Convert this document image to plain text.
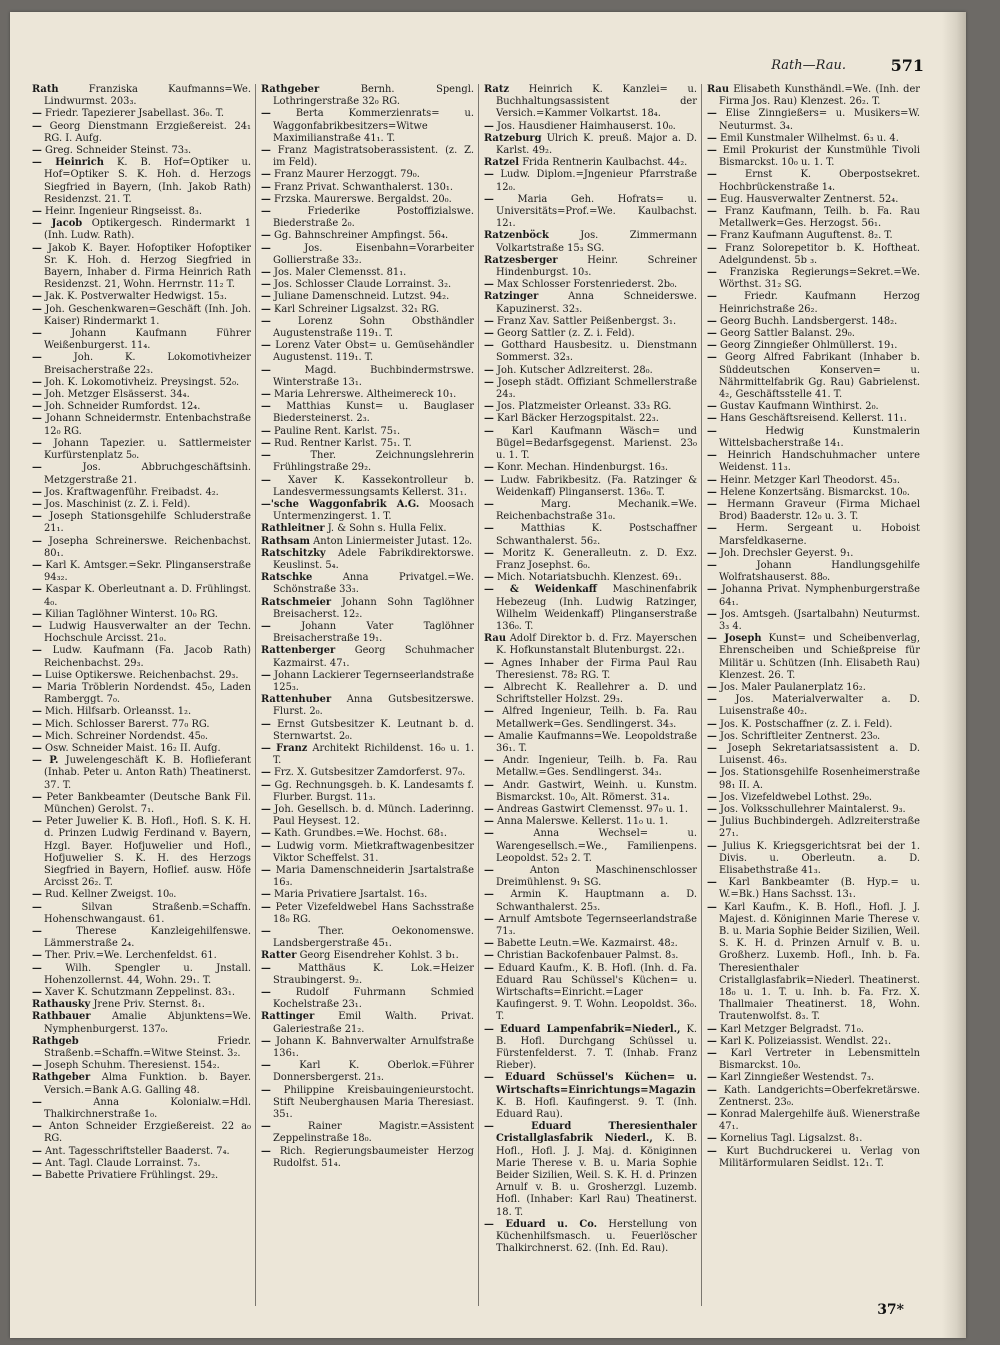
Rath—Rau.	571
Rath	Franziska Kaufmanns=We. Lindwurmst. 203₃.
— Friedr. Tapezierer Jsabellast. 36₀. T.
— Georg Dienstmann Erzgießereist. 24₁ RG. I. Aufg.
— Greg. Schneider Steinst. 73₃.
— Heinrich K. B. Hof=Optiker u. Hof=Optiker S. K. Hoh. d. Herzogs Siegfried in Bayern, (Inh. Jakob Rath) Residenzst. 21. T.
— Heinr. Ingenieur Ringseisst. 8₃.
— Jacob Optikergesch. Rindermarkt 1 (Inh. Ludw. Rath).
— Jakob K. Bayer. Hofoptiker Hofoptiker Sr. K. Hoh. d. Herzog Siegfried in Bayern, Inhaber d. Firma Heinrich Rath Residenzst. 21, Wohn. Herrnstr. 11₂ T.
— Jak. K. Postverwalter Hedwigst. 15₃.
— Joh. Geschenkwaren=Geschäft (Inh. Joh. Kaiser) Rindermarkt 1.
—	Johann Kaufmann Führer Weißenburgerst. 11₄.
—	Joh. K. Lokomotivheizer Breisacherstraße 22₃.
— Joh. K. Lokomotivheiz. Preysingst. 52₀.
— Joh. Metzger Elsässerst. 34₄.
— Joh. Schneider Rumfordst. 12₄.
— Johann Schneidermstr. Entenbachstraße 12₀ RG.
— Johann Tapezier. u. Sattlermeister Kurfürstenplatz 5₀.
—	Jos. Abbruchgeschäftsinh. Metzgerstraße 21.
— Jos. Kraftwagenführ. Freibadst. 4₂.
— Jos. Maschinist (z. Z. i. Feld).
— Joseph Stationsgehilfe Schluderstraße 21₁.
— Josepha Schreinerswe. Reichenbachst. 80₁.
— Karl K. Amtsger.=Sekr. Plinganserstraße 94₃₂.
— Kaspar K. Oberleutnant a. D. Frühlingst. 4₀.
— Kilian Taglöhner Winterst. 10₀ RG.
— Ludwig Hausverwalter an der Techn. Hochschule Arcisst. 21₀.
— Ludw. Kaufmann (Fa. Jacob Rath) Reichenbachst. 29₃.
— Luise Optikerswe. Reichenbachst. 29₃.
— Maria Tröblerin Nordendst. 45₀, Laden Ramberggt. 7₀.
— Mich. Hilfsarb. Orleansst. 1₂.
— Mich. Schlosser Barerst. 77₀ RG.
— Mich. Schreiner Nordendst. 45₀.
— Osw. Schneider Maist. 16₂ II. Aufg.
— P. Juwelengeschäft K. B. Hoflieferant (Inhab. Peter u. Anton Rath) Theatinerst. 37. T.
— Peter Bankbeamter (Deutsche Bank Fil. München) Gerolst. 7₁.
— Peter Juwelier K. B. Hofl., Hofl. S. K. H. d. Prinzen Ludwig Ferdinand v. Bayern, Hzgl. Bayer. Hofjuwelier und Hofl., Hofjuwelier S. K. H. des Herzogs Siegfried in Bayern, Hoflief. ausw. Höfe Arcisst 26₂. T.
— Rud. Kellner Zweigst. 10₀.
—	Silvan Straßenb.=Schaffn. Hohenschwangaust. 61.
—	Therese Kanzleigehilfenswe. Lämmerstraße 2₄.
— Ther. Priv.=We. Lerchenfeldst. 61.
— Wilh. Spengler u. Jnstall. Hohenzollernst. 44, Wohn. 29₁. T.
— Xaver K. Schutzmann Zeppelinst. 83₁.
Rathausky Jrene Priv. Sternst. 8₁.
Rathbauer Amalie Abjunktens=We. Nymphenburgerst. 137₀.
Rathgeb	Friedr. Straßenb.=Schaffn.=Witwe Steinst. 3₂.
— Joseph Schuhm. Theresienst. 154₂.
Rathgeber Alma Funktion. b. Bayer. Versich.=Bank A.G. Galling 48.
—	Anna Kolonialw.=Hdl. Thalkirchnerstraße 1₀.
— Anton Schneider Erzgießereist. 22 a₀ RG.
— Ant. Tagesschriftsteller Baaderst. 7₄.
— Ant. Tagl. Claude Lorrainst. 7₃.
— Babette Privatiere Frühlingst. 29₂.
Rathgeber	Bernh. Spengl. Lothringerstraße 32₀ RG.
—	Berta Kommerzienrats= u. Waggonfabrikbesitzers=Witwe Maximilianstraße 41₁. T.
— Franz Magistratsoberassistent. (z. Z. im Feld).
— Franz Maurer Herzoggt. 79₀.
— Franz Privat. Schwanthalerst. 130₁.
— Frzska. Maurerswe. Bergaldst. 20₀.
—	Friederike Postoffizialswe. Biederstraße 2₀.
— Gg. Bahnschreiner Ampfingst. 56₄.
—	Jos. Eisenbahn=Vorarbeiter Gollierstraße 33₂.
— Jos. Maler Clemensst. 81₁.
— Jos. Schlosser Claude Lorrainst. 3₂.
— Juliane Damenschneid. Lutzst. 94₂.
— Karl Schreiner Ligsalzst. 32₁ RG.
—	Lorenz Sohn Obsthändler Augustenstraße 119₁. T.
— Lorenz Vater Obst= u. Gemüsehändler Augustenst. 119₁. T.
—	Magd. Buchbindermstrswe. Winterstraße 13₁.
— Maria Lehrerswe. Altheimereck 10₁.
— Matthias Kunst= u. Bauglaser Biedersteinerst. 2₃.
— Pauline Rent. Karlst. 75₁.
— Rud. Rentner Karlst. 75₁. T.
—	Ther. Zeichnungslehrerin Frühlingstraße 29₂.
— Xaver K. Kassekontrolleur b. Landesvermessungsamts Kellerst. 31₁.
—'sche Waggonfabrik A.G. Moosach Untermenzingerst. 1. T.
Rathleitner J. & Sohn s. Hulla Felix.
Rathsam Anton Liniermeister Jutast. 12₀.
Ratschitzky Adele Fabrikdirektorswe. Keuslinst. 5₄.
Ratschke	Anna Privatgel.=We. Schönstraße 33₃.
Ratschmeier Johann Sohn Taglöhner Breisacherst. 12₂.
—	Johann Vater Taglöhner Breisacherstraße 19₁.
Rattenberger Georg Schuhmacher Kazmairst. 47₁.
— Johann Lackierer Tegernseerlandstraße 125₃.
Rattenhuber Anna Gutsbesitzerswe. Flurst. 2₀.
— Ernst Gutsbesitzer K. Leutnant b. d. Sternwartst. 2₀.
— Franz Architekt Richildenst. 16₀ u. 1. T.
— Frz. X. Gutsbesitzer Zamdorferst. 97₀.
— Gg. Rechnungsgeh. b. K. Landesamts f. Flurber. Burgst. 11₃.
— Joh. Gesellsch. b. d. Münch. Laderinng. Paul Heysest. 12.
— Kath. Grundbes.=We. Hochst. 68₁.
— Ludwig vorm. Mietkraftwagenbesitzer Viktor Scheffelst. 31.
— Maria Damenschneiderin Jsartalstraße 16₃.
— Maria Privatiere Jsartalst. 16₃.
— Peter Vizefeldwebel Hans Sachsstraße 18₀ RG.
—	Ther. Oekonomenswe. Landsbergerstraße 45₁.
Ratter Georg Eisendreher Kohlst. 3 b₁.
—	Matthäus K. Lok.=Heizer Straubingerst. 9₂.
—	Rudolf Fuhrmann Schmied Kochelstraße 23₁.
Rattinger Emil Walth. Privat. Galeriestraße 21₂.
— Johann K. Bahnverwalter Arnulfstraße 136₁.
—	Karl K. Oberlok.=Führer Donnersbergerst. 21₃.
— Philippine Kreisbauingenieurstocht. Stift Neuberghausen Maria Theresiast. 35₁.
—	Rainer Magistr.=Assistent Zeppelinstraße 18₀.
— Rich. Regierungsbaumeister Herzog Rudolfst. 51₄.
Ratz Heinrich K. Kanzlei= u. Buchhaltungsassistent der Versich.=Kammer Volkartst. 18₄.
— Jos. Hausdiener Haimhauserst. 10₀.
Ratzeburg Ulrich K. preuß. Major a. D. Karlst. 49₂.
Ratzel Frida Rentnerin Kaulbachst. 44₂.
— Ludw. Diplom.=Jngenieur Pfarrstraße 12₀.
— Maria Geh. Hofrats= u. Universitäts=Prof.=We. Kaulbachst. 12₁.
Ratzenböck	Jos. Zimmermann Volkartstraße 15₃ SG.
Ratzesberger	Heinr. Schreiner Hindenburgst. 10₃.
— Max Schlosser Forstenriederst. 2b₀.
Ratzinger	Anna Schneiderswe. Kapuzinerst. 32₃.
— Franz Xav. Sattler Peißenbergst. 3₁.
— Georg Sattler (z. Z. i. Feld).
— Gotthard Hausbesitz. u. Dienstmann Sommerst. 32₃.
— Joh. Kutscher Adlzreiterst. 28₀.
— Joseph städt. Offiziant Schmellerstraße 24₃.
— Jos. Platzmeister Orleanst. 33₃ RG.
— Karl Bäcker Herzogspitalst. 22₃.
— Karl Kaufmann Wäsch= und Bügel=Bedarfsgegenst. Marienst. 23₀ u. 1. T.
— Konr. Mechan. Hindenburgst. 16₃.
— Ludw. Fabrikbesitz. (Fa. Ratzinger & Weidenkaff) Plinganserst. 136₀. T.
—	Marg. Mechanik.=We. Reichenbachstraße 31₀.
—	Matthias K. Postschaffner Schwanthalerst. 56₂.
— Moritz K. Generalleutn. z. D. Exz. Franz Josephst. 6₀.
— Mich. Notariatsbuchh. Klenzest. 69₁.
— & Weidenkaff Maschinenfabrik Hebezeug (Inh. Ludwig Ratzinger, Wilhelm Weidenkaff) Plinganserstraße 136₀. T.
Rau Adolf Direktor b. d. Frz. Mayerschen K. Hofkunstanstalt Blutenburgst. 22₁.
— Agnes Inhaber der Firma Paul Rau Theresienst. 78₂ RG. T.
— Albrecht K. Reallehrer a. D. und Schriftsteller Holzst. 29₃.
— Alfred Ingenieur, Teilh. b. Fa. Rau Metallwerk=Ges. Sendlingerst. 34₃.
— Amalie Kaufmanns=We. Leopoldstraße 36₁. T.
— Andr. Ingenieur, Teilh. b. Fa. Rau Metallw.=Ges. Sendlingerst. 34₃.
— Andr. Gastwirt, Weinh. u. Kunstm. Bismarckst. 10₀, Alt. Römerst. 31₄.
— Andreas Gastwirt Clemensst. 97₀ u. 1.
— Anna Malerswe. Kellerst. 11₀ u. 1.
—	Anna Wechsel= u. Warengesellsch.=We., Familienpens. Leopoldst. 52₃ 2. T.
—	Anton Maschinenschlosser Dreimühlenst. 9₁ SG.
— Armin K. Hauptmann a. D. Schwanthalerst. 25₃.
— Arnulf Amtsbote Tegernseerlandstraße 71₃.
— Babette Leutn.=We. Kazmairst. 48₂.
— Christian Backofenbauer Palmst. 8₃.
— Eduard Kaufm., K. B. Hofl. (Inh. d. Fa. Eduard Rau Schüssel's Küchen= u. Wirtschafts=Einricht.=Lager Kaufingerst. 9. T. Wohn. Leopoldst. 36₀. T.
— Eduard Lampenfabrik=Niederl., K. B. Hofl. Durchgang Schüssel u. Fürstenfelderst. 7. T. (Inhab. Franz Rieber).
— Eduard Schüssel's Küchen= u. Wirtschafts=Einrichtungs=Magazin K. B. Hofl. Kaufingerst. 9. T. (Inh. Eduard Rau).
— Eduard Theresienthaler Cristallglasfabrik Niederl., K. B. Hofl., Hofl. J. J. Maj. d. Königinnen Marie Therese v. B. u. Maria Sophie Beider Sizilien, Weil. S. K. H. d. Prinzen Arnulf v. B. u. Grosherzgl. Luzemb. Hofl. (Inhaber: Karl Rau) Theatinerst. 18. T.
— Eduard u. Co. Herstellung von Küchenhilfsmasch. u. Feuerlöscher Thalkirchnerst. 62. (Inh. Ed. Rau).
Rau Elisabeth Kunsthändl.=We. (Inh. der Firma Jos. Rau) Klenzest. 26₂. T.
— Elise Zinngießers= u. Musikers=W. Neuturmst. 3₄.
— Emil Kunstmaler Wilhelmst. 6₃ u. 4.
— Emil Prokurist der Kunstmühle Tivoli Bismarckst. 10₀ u. 1. T.
—	Ernst K. Oberpostsekret. Hochbrückenstraße 1₄.
— Eug. Hausverwalter Zentnerst. 52₄.
— Franz Kaufmann, Teilh. b. Fa. Rau Metallwerk=Ges. Herzogst. 56₁.
— Franz Kaufmann Auguftenst. 8₂. T.
— Franz Solorepetitor b. K. Hoftheat. Adelgundenst. 5b ₃.
— Franziska Regierungs=Sekret.=We. Wörthst. 31₂ SG.
—	Friedr. Kaufmann Herzog Heinrichstraße 26₂.
— Georg Buchh. Landsbergerst. 148₂.
— Georg Sattler Balanst. 29₀.
— Georg Zinngießer Ohlmüllerst. 19₁.
— Georg Alfred Fabrikant (Inhaber b. Süddeutschen Konserven= u. Nährmittelfabrik Gg. Rau) Gabrielenst. 4₂, Geschäftsstelle 41. T.
— Gustav Kaufmann Winthirst. 2₀.
— Hans Geschäftsreisend. Kellerst. 11₁.
—	Hedwig Kunstmalerin Wittelsbacherstraße 14₁.
— Heinrich Handschuhmacher untere Weidenst. 11₃.
— Heinr. Metzger Karl Theodorst. 45₃.
— Helene Konzertsäng. Bismarckst. 10₀.
— Hermann Graveur (Firma Michael Brod) Baaderstr. 12₀ u. 3. T.
— Herm. Sergeant u. Hoboist Marsfeldkaserne.
— Joh. Drechsler Geyerst. 9₁.
—	Johann Handlungsgehilfe Wolfratshauserst. 88₀.
— Johanna Privat. Nymphenburgerstraße 64₁.
— Jos. Amtsgeh. (Jsartalbahn) Neuturmst. 3₃ 4.
— Joseph Kunst= und Scheibenverlag, Ehrenscheiben und Schießpreise für Militär u. Schützen (Inh. Elisabeth Rau) Klenzest. 26. T.
— Jos. Maler Paulanerplatz 16₂.
— Jos. Materialverwalter a. D. Luisenstraße 40₂.
— Jos. K. Postschaffner (z. Z. i. Feld).
— Jos. Schriftleiter Zentnerst. 23₀.
— Joseph Sekretariatsassistent a. D. Luisenst. 46₃.
— Jos. Stationsgehilfe Rosenheimerstraße 98₁ II. A.
— Jos. Vizefeldwebel Lothst. 29₀.
— Jos. Volksschullehrer Maintalerst. 9₃.
— Julius Buchbindergeh. Adlzreiterstraße 27₁.
— Julius K. Kriegsgerichtsrat bei der 1. Divis. u. Oberleutn. a. D. Elisabethstraße 41₃.
— Karl Bankbeamter (B. Hyp.= u. W.=Bk.) Hans Sachsst. 13₁.
— Karl Kaufm., K. B. Hofl., Hofl. J. J. Majest. d. Königinnen Marie Therese v. B. u. Maria Sophie Beider Sizilien, Weil. S. K. H. d. Prinzen Arnulf v. B. u. Großherz. Luxemb. Hofl., Inh. b. Fa. Theresienthaler Cristallglasfabrik=Niederl. Theatinerst. 18₀ u. 1. T. u. Inh. b. Fa. Frz. X. Thallmaier Theatinerst. 18, Wohn. Trautenwolfst. 8₃. T.
— Karl Metzger Belgradst. 71₀.
— Karl K. Polizeiassist. Wendlst. 22₁.
— Karl Vertreter in Lebensmitteln Bismarckst. 10₀.
— Karl Zinngießer Westendst. 7₃.
— Kath. Landgerichts=Oberfekretärswe. Zentnerst. 23₀.
— Konrad Malergehilfe äuß. Wienerstraße 47₁.
— Kornelius Tagl. Ligsalzst. 8₁.
— Kurt Buchdruckerei u. Verlag von Militärformularen Seidlst. 12₁. T.
37*
